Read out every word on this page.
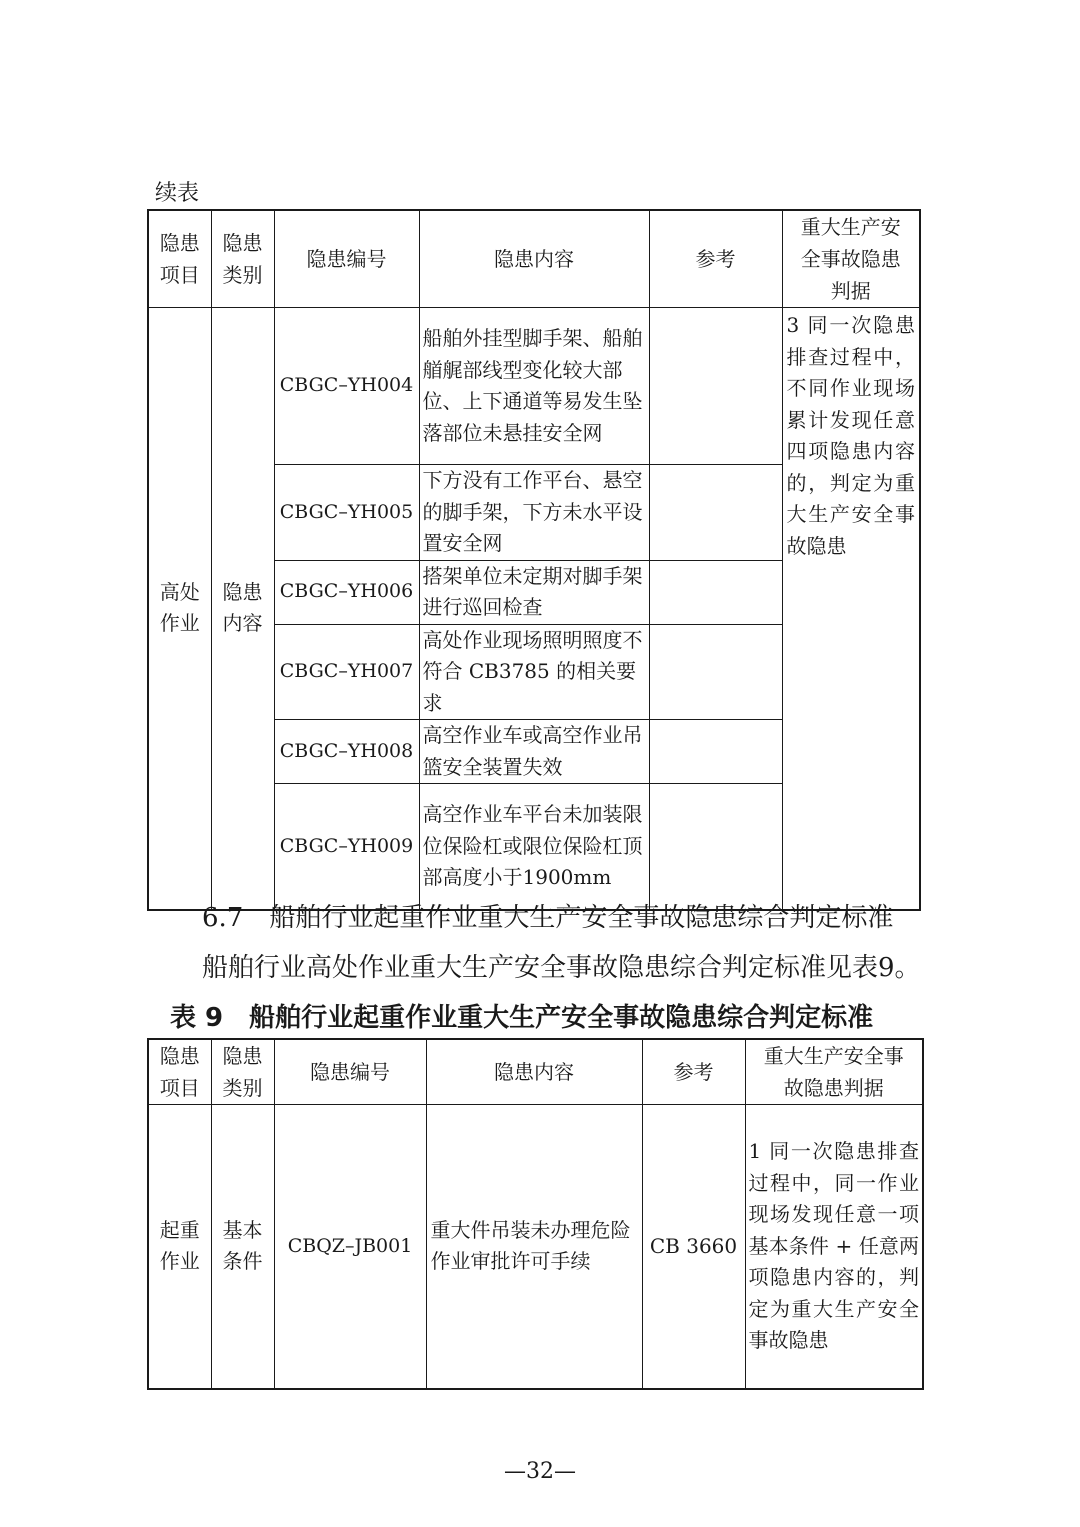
续表
隐患项目	隐患类别	隐患编号	隐患内容	参考	重大生产安全事故隐患判据
高处作业	隐患内容	CBGC–YH004	船舶外挂型脚手架、船舶艏艉部线型变化较大部位、上下通道等易发生坠落部位未悬挂安全网		3 同一次隐患排查过程中，不同作业现场累计发现任意四项隐患内容的，判定为重大生产安全事故隐患
		CBGC–YH005	下方没有工作平台、悬空的脚手架，下方未水平设置安全网		
		CBGC–YH006	搭架单位未定期对脚手架进行巡回检查		
		CBGC–YH007	高处作业现场照明照度不符合 CB3785 的相关要求		
		CBGC–YH008	高空作业车或高空作业吊篮安全装置失效		
		CBGC–YH009	高空作业车平台未加装限位保险杠或限位保险杠顶部高度小于1900mm		
6.7　船舶行业起重作业重大生产安全事故隐患综合判定标准
船舶行业高处作业重大生产安全事故隐患综合判定标准见表9。
表 9　船舶行业起重作业重大生产安全事故隐患综合判定标准
隐患项目	隐患类别	隐患编号	隐患内容	参考	重大生产安全事故隐患判据
起重作业	基本条件	CBQZ–JB001	重大件吊装未办理危险作业审批许可手续	CB 3660	1 同一次隐患排查过程中，同一作业现场发现任意一项基本条件 + 任意两项隐患内容的，判定为重大生产安全事故隐患
—32—
